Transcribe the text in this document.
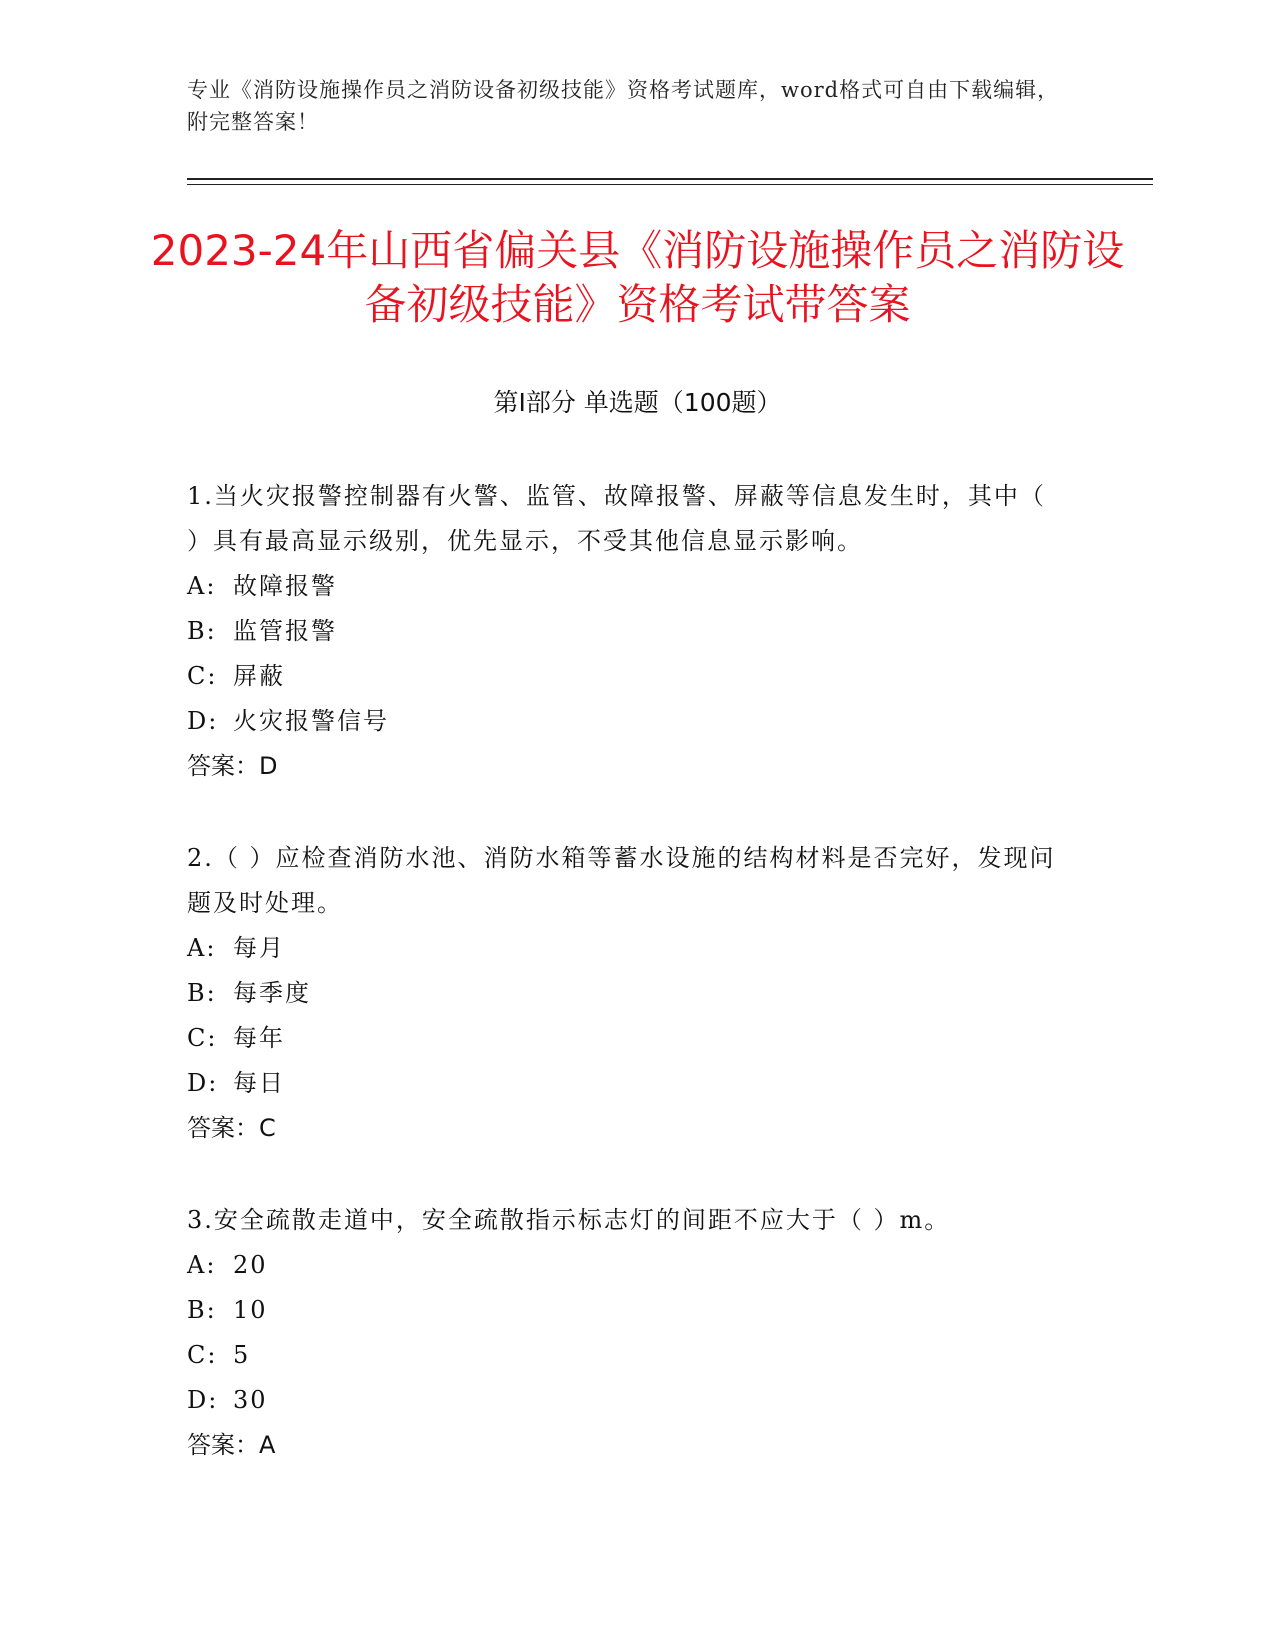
专业《消防设施操作员之消防设备初级技能》资格考试题库，word格式可自由下载编辑，附完整答案！
2023-24年山西省偏关县《消防设施操作员之消防设备初级技能》资格考试带答案
第I部分 单选题（100题）

1.当火灾报警控制器有火警、监管、故障报警、屏蔽等信息发生时，其中（ ）具有最高显示级别，优先显示，不受其他信息显示影响。

A: 故障报警

B: 监管报警

C: 屏蔽

D: 火灾报警信号

答案：D

2.（ ）应检查消防水池、消防水箱等蓄水设施的结构材料是否完好，发现问题及时处理。

A: 每月

B: 每季度

C: 每年

D: 每日

答案：C

3.安全疏散走道中，安全疏散指示标志灯的间距不应大于（ ）m。

A: 20

B: 10

C: 5

D: 30

答案：A
